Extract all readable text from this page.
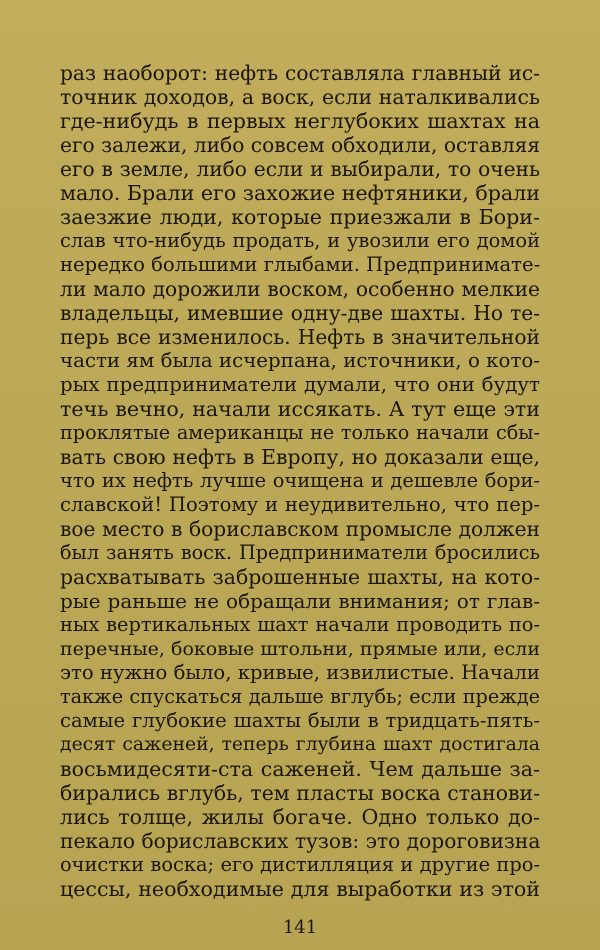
раз наоборот: нефть составляла главный ис-
точник доходов, а воск, если наталкивались
где-нибудь в первых неглубоких шахтах на
его залежи, либо совсем обходили, оставляя
его в земле, либо если и выбирали, то очень
мало. Брали его захожие нефтяники, брали
заезжие люди, которые приезжали в Бори-
слав что-нибудь продать, и увозили его домой
нередко большими глыбами. Предпринимате-
ли мало дорожили воском, особенно мелкие
владельцы, имевшие одну-две шахты. Но те-
перь все изменилось. Нефть в значительной
части ям была исчерпана, источники, о кото-
рых предприниматели думали, что они будут
течь вечно, начали иссякать. А тут еще эти
проклятые американцы не только начали сбы-
вать свою нефть в Европу, но доказали еще,
что их нефть лучше очищена и дешевле бори-
славской! Поэтому и неудивительно, что пер-
вое место в бориславском промысле должен
был занять воск. Предприниматели бросились
расхватывать заброшенные шахты, на кото-
рые раньше не обращали внимания; от глав-
ных вертикальных шахт начали проводить по-
перечные, боковые штольни, прямые или, если
это нужно было, кривые, извилистые. Начали
также спускаться дальше вглубь; если прежде
самые глубокие шахты были в тридцать-пять-
десят саженей, теперь глубина шахт достигала
восьмидесяти-ста саженей. Чем дальше за-
бирались вглубь, тем пласты воска станови-
лись толще, жилы богаче. Одно только до-
пекало бориславских тузов: это дороговизна
очистки воска; его дистилляция и другие про-
цессы, необходимые для выработки из этой
141
